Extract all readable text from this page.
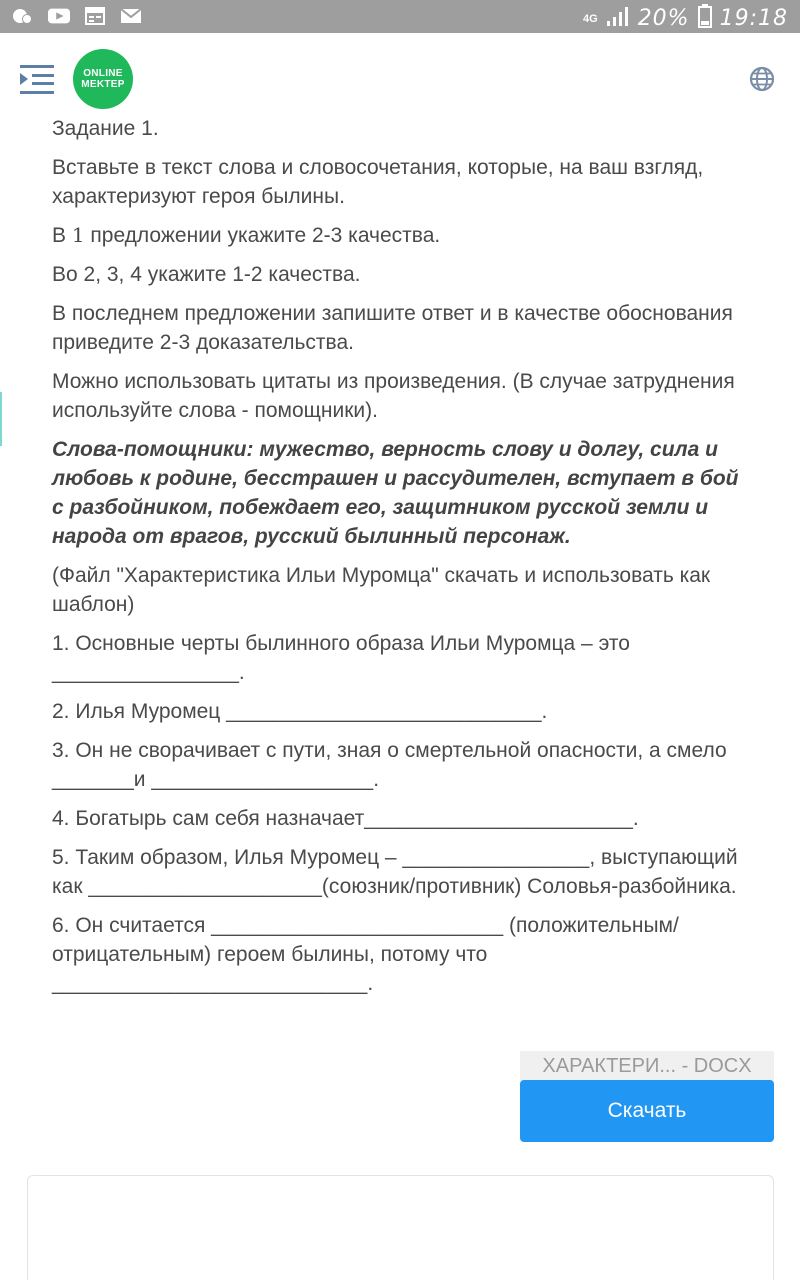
4G 20% 19:18
ONLINE
MEKTEP

Задание 1.

Вставьте в текст слова и словосочетания, которые, на ваш взгляд, характеризуют героя былины.

В 1 предложении укажите 2-3 качества.

Во 2, 3, 4 укажите 1-2 качества.

В последнем предложении запишите ответ и в качестве обоснования приведите 2-3 доказательства.

Можно использовать цитаты из произведения. (В случае затруднения используйте слова - помощники).

Слова-помощники: мужество, верность слову и долгу, сила и любовь к родине, бесстрашен и рассудителен, вступает в бой с разбойником, побеждает его, защитником русской земли и народа от врагов, русский былинный персонаж.

(Файл "Характеристика Ильи Муромца" скачать и использовать как шаблон)

1. Основные черты былинного образа Ильи Муромца – это ________________.

2. Илья Муромец ___________________________.

3. Он не сворачивает с пути, зная о смертельной опасности, а смело _______и ___________________.

4. Богатырь сам себя назначает_______________________.

5. Таким образом, Илья Муромец – ________________, выступающий как ____________________(союзник/противник) Соловья-разбойника.

6. Он считается _________________________ (положительным/отрицательным) героем былины, потому что ___________________________.

ХАРАКТЕРИ... - DOCX
Скачать
